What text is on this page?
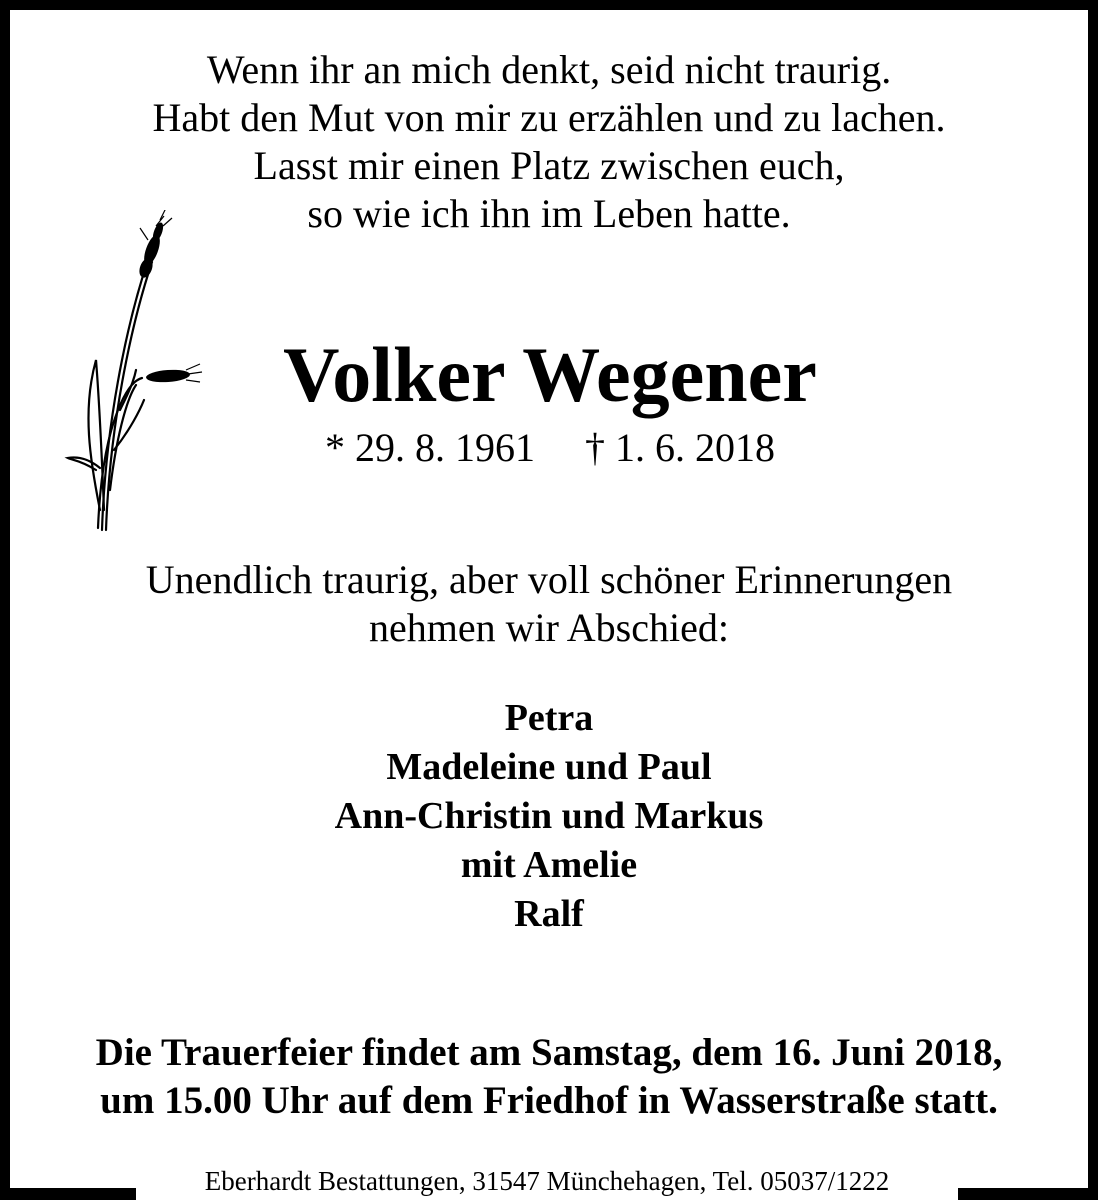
Wenn ihr an mich denkt, seid nicht traurig.
Habt den Mut von mir zu erzählen und zu lachen.
Lasst mir einen Platz zwischen euch,
so wie ich ihn im Leben hatte.
Volker Wegener
* 29. 8. 1961 † 1. 6. 2018
Unendlich traurig, aber voll schöner Erinnerungen
nehmen wir Abschied:
Petra
Madeleine und Paul
Ann-Christin und Markus
mit Amelie
Ralf
Die Trauerfeier findet am Samstag, dem 16. Juni 2018,
um 15.00 Uhr auf dem Friedhof in Wasserstraße statt.
Eberhardt Bestattungen, 31547 Münchehagen, Tel. 05037/1222
